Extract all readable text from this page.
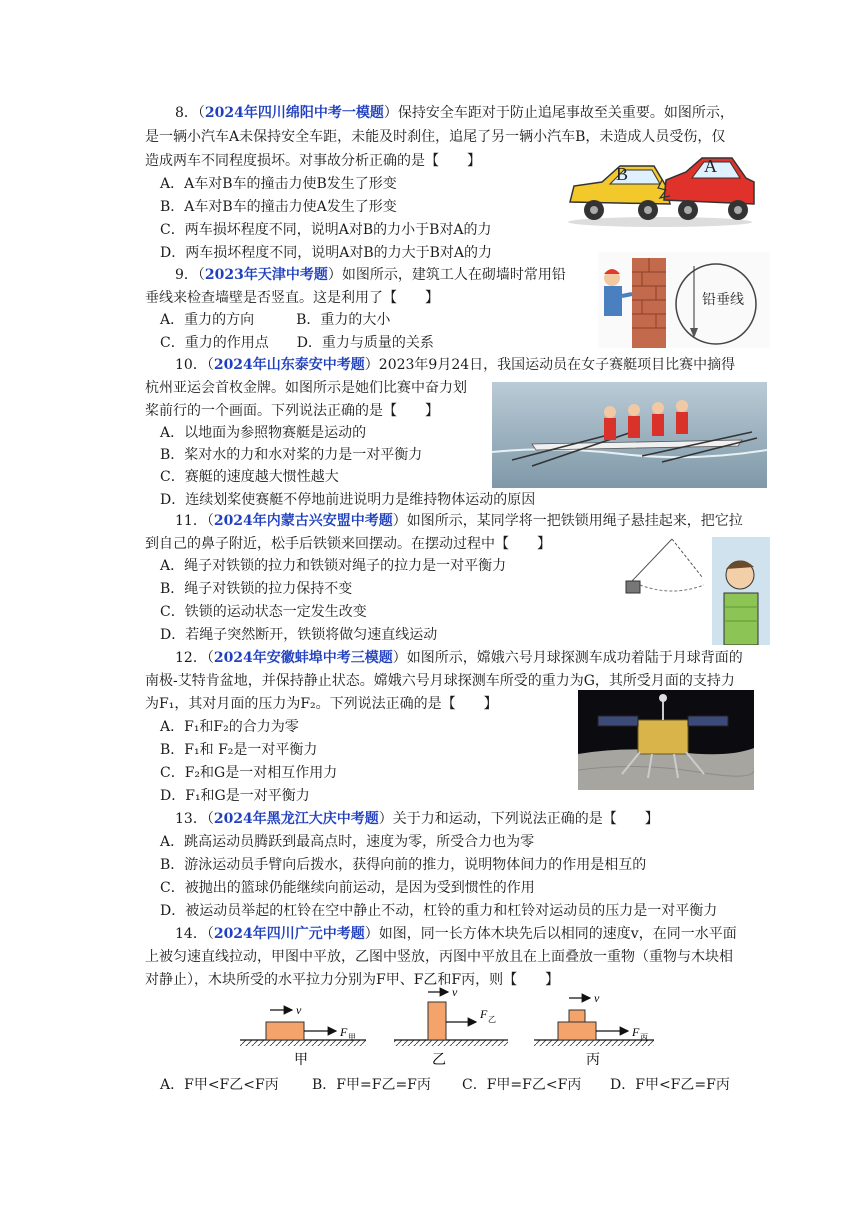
8．（2024年四川绵阳中考一模题）保持安全车距对于防止追尾事故至关重要。如图所示，
是一辆小汽车A未保持安全车距，未能及时刹住，追尾了另一辆小汽车B，未造成人员受伤，仅
造成两车不同程度损坏。对事故分析正确的是【　　】
A．A车对B车的撞击力使B发生了形变
B．A车对B车的撞击力使A发生了形变
C．两车损坏程度不同，说明A对B的力小于B对A的力
D．两车损坏程度不同，说明A对B的力大于B对A的力
B	A
9．（2023年天津中考题）如图所示，建筑工人在砌墙时常用铅
垂线来检查墙壁是否竖直。这是利用了【　　】
A．重力的方向　　　B．重力的大小
C．重力的作用点　　D．重力与质量的关系
铅垂线
10．（2024年山东泰安中考题）2023年9月24日，我国运动员在女子赛艇项目比赛中摘得
杭州亚运会首枚金牌。如图所示是她们比赛中奋力划
桨前行的一个画面。下列说法正确的是【　　】
A．以地面为参照物赛艇是运动的
B．桨对水的力和水对桨的力是一对平衡力
C．赛艇的速度越大惯性越大
D．连续划桨使赛艇不停地前进说明力是维持物体运动的原因
11．（2024年内蒙古兴安盟中考题）如图所示，某同学将一把铁锁用绳子悬挂起来，把它拉
到自己的鼻子附近，松手后铁锁来回摆动。在摆动过程中【　　】
A．绳子对铁锁的拉力和铁锁对绳子的拉力是一对平衡力
B．绳子对铁锁的拉力保持不变
C．铁锁的运动状态一定发生改变
D．若绳子突然断开，铁锁将做匀速直线运动
12．（2024年安徽蚌埠中考三模题）如图所示，嫦娥六号月球探测车成功着陆于月球背面的
南极-艾特肯盆地，并保持静止状态。嫦娥六号月球探测车所受的重力为G，其所受月面的支持力
为F₁，其对月面的压力为F₂。下列说法正确的是【　　】
A．F₁和F₂的合力为零
B．F₁和 F₂是一对平衡力
C．F₂和G是一对相互作用力
D．F₁和G是一对平衡力
13．（2024年黑龙江大庆中考题）关于力和运动，下列说法正确的是【　　】
A．跳高运动员腾跃到最高点时，速度为零，所受合力也为零
B．游泳运动员手臂向后拨水，获得向前的推力，说明物体间力的作用是相互的
C．被抛出的篮球仍能继续向前运动，是因为受到惯性的作用
D．被运动员举起的杠铃在空中静止不动，杠铃的重力和杠铃对运动员的压力是一对平衡力
14．（2024年四川广元中考题）如图，同一长方体木块先后以相同的速度v，在同一水平面
上被匀速直线拉动，甲图中平放，乙图中竖放，丙图中平放且在上面叠放一重物（重物与木块相
对静止），木块所受的水平拉力分别为F甲、F乙和F丙，则【　　】
v
F 甲
甲
v
F 乙
乙
v
F 丙
丙
A．F甲<F乙<F丙 B．F甲=F乙=F丙 C．F甲=F乙<F丙 D．F甲<F乙=F丙
